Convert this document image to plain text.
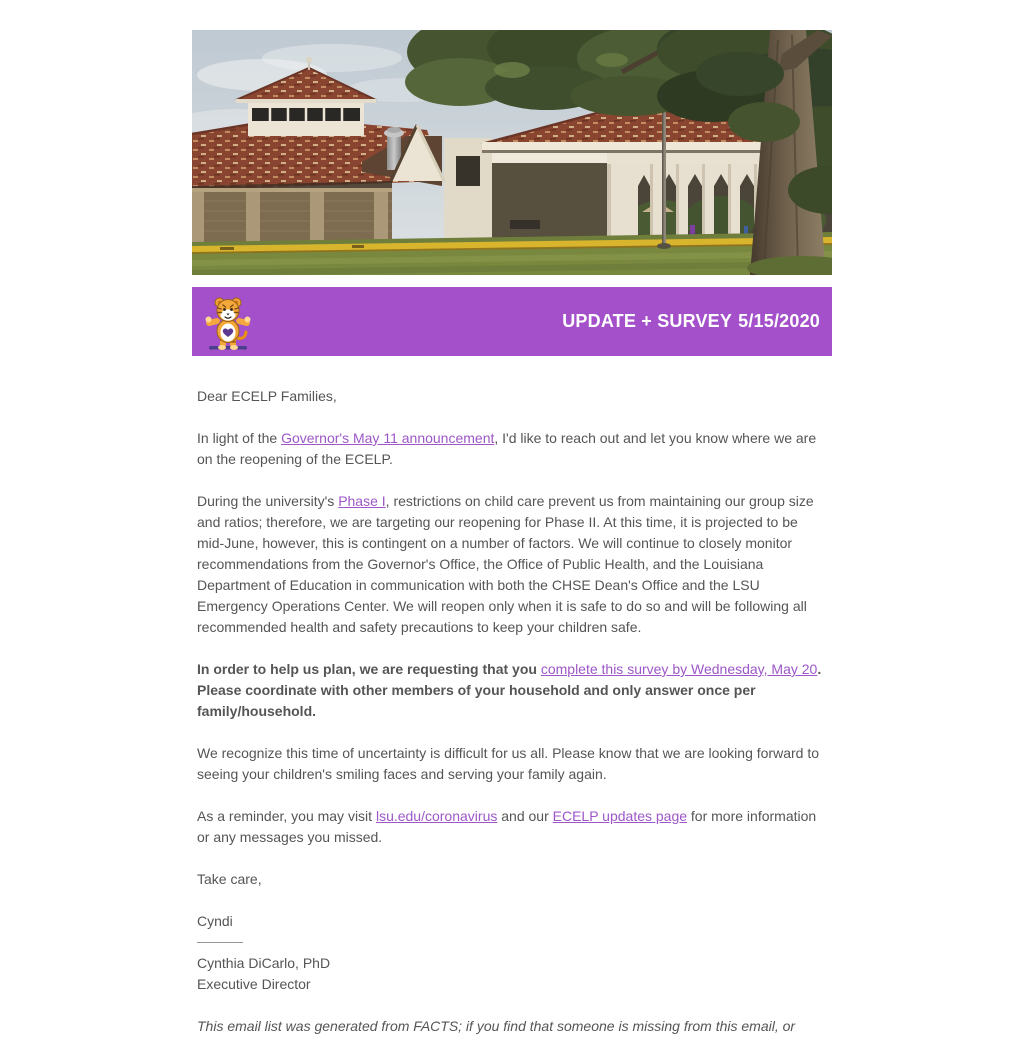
UPDATE + SURVEY 5/15/2020
Dear ECELP Families,
In light of the Governor's May 11 announcement, I'd like to reach out and let you know where we are on the reopening of the ECELP.
During the university's Phase I, restrictions on child care prevent us from maintaining our group size and ratios; therefore, we are targeting our reopening for Phase II. At this time, it is projected to be mid-June, however, this is contingent on a number of factors. We will continue to closely monitor recommendations from the Governor's Office, the Office of Public Health, and the Louisiana Department of Education in communication with both the CHSE Dean's Office and the LSU Emergency Operations Center. We will reopen only when it is safe to do so and will be following all recommended health and safety precautions to keep your children safe.
In order to help us plan, we are requesting that you complete this survey by Wednesday, May 20. Please coordinate with other members of your household and only answer once per family/household.
We recognize this time of uncertainty is difficult for us all. Please know that we are looking forward to seeing your children's smiling faces and serving your family again.
As a reminder, you may visit lsu.edu/coronavirus and our ECELP updates page for more information or any messages you missed.
Take care,
Cyndi
Cynthia DiCarlo, PhD
Executive Director
This email list was generated from FACTS; if you find that someone is missing from this email, or
